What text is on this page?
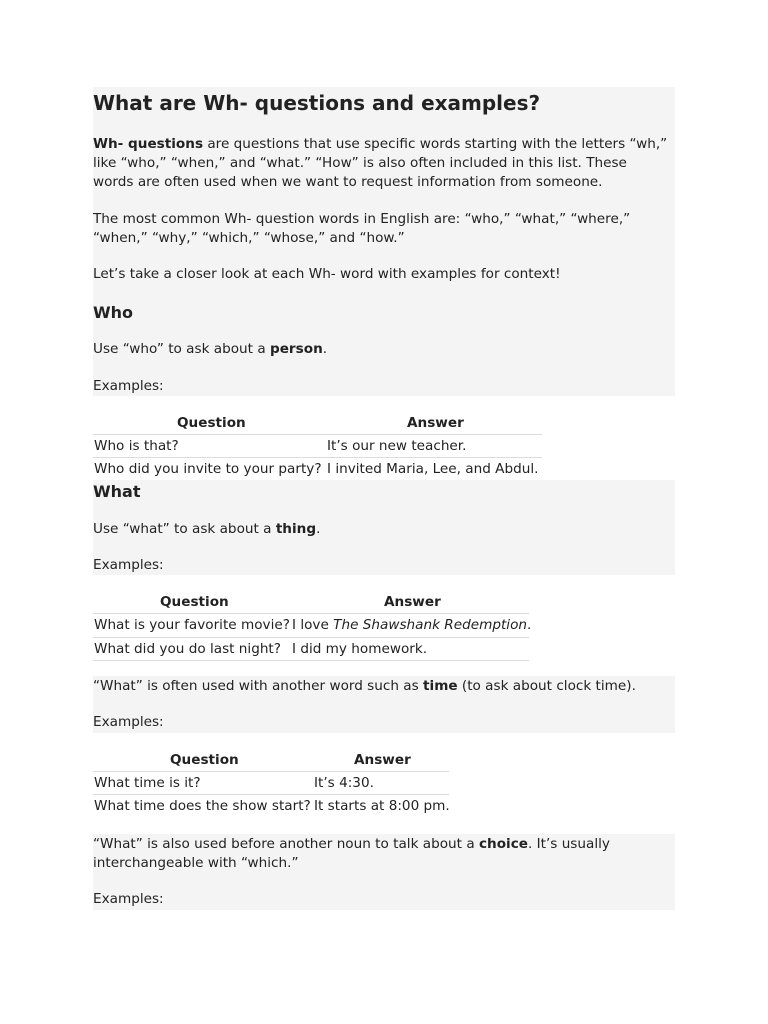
What are Wh- questions and examples?

Wh- questions are questions that use specific words starting with the letters “wh,” like “who,” “when,” and “what.” “How” is also often included in this list. These words are often used when we want to request information from someone.

The most common Wh- question words in English are: “who,” “what,” “where,” “when,” “why,” “which,” “whose,” and “how.”

Let’s take a closer look at each Wh- word with examples for context!

Who

Use “who” to ask about a person.

Examples:

Question	Answer
Who is that?	It’s our new teacher.
Who did you invite to your party? I invited Maria, Lee, and Abdul.
What

Use “what” to ask about a thing.

Examples:

Question	Answer
What is your favorite movie? I love The Shawshank Redemption.
What did you do last night? I did my homework.

“What” is often used with another word such as time (to ask about clock time).

Examples:

Question	Answer
What time is it?	It’s 4:30.
What time does the show start? It starts at 8:00 pm.

“What” is also used before another noun to talk about a choice. It’s usually interchangeable with “which.”

Examples:
